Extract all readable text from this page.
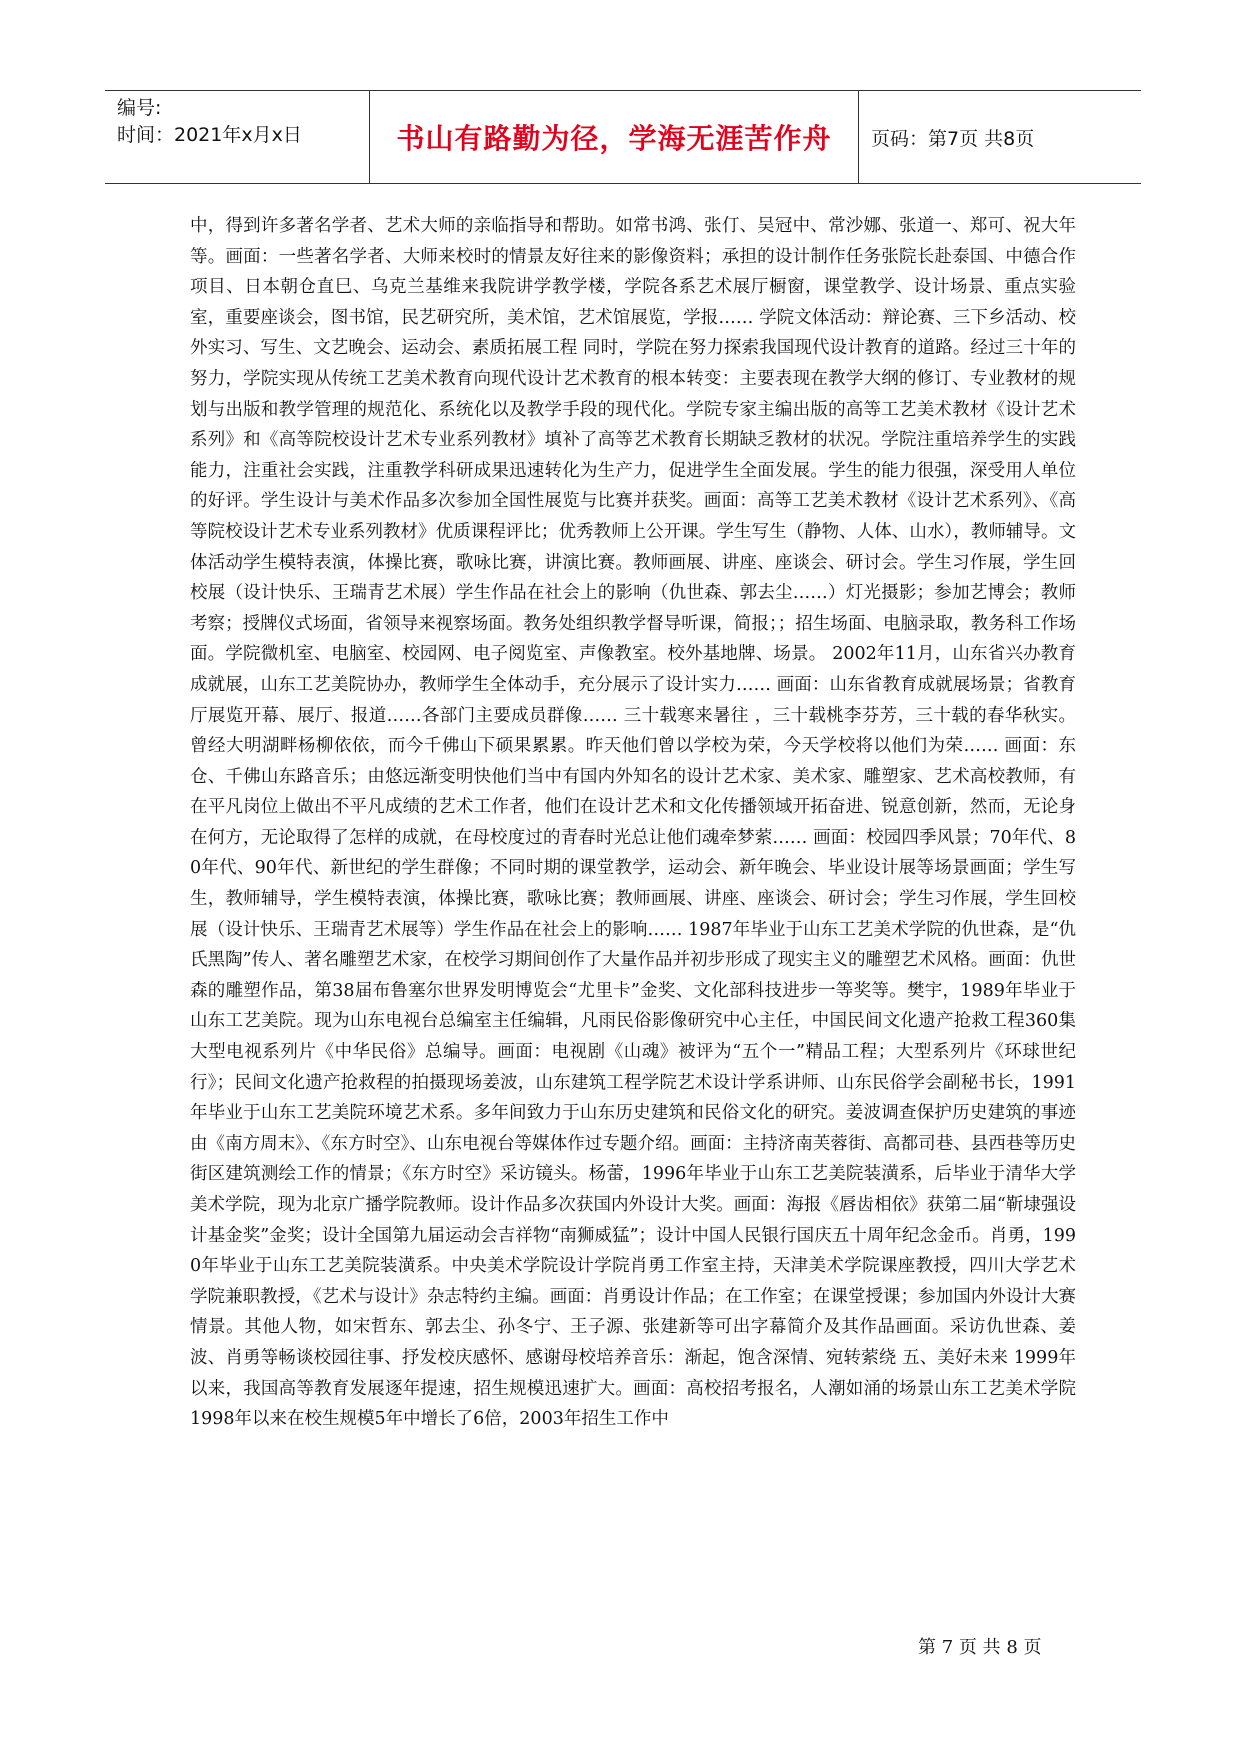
编号:
时间：2021年x月x日	书山有路勤为径，学海无涯苦作舟 页码：第7页 共8页

中，得到许多著名学者、艺术大师的亲临指导和帮助。如常书鸿、张仃、吴冠中、常沙娜、张道一、郑可、祝大年等。画面：一些著名学者、大师来校时的情景友好往来的影像资料；承担的设计制作任务张院长赴泰国、中德合作项目、日本朝仓直巳、乌克兰基维来我院讲学教学楼，学院各系艺术展厅橱窗，课堂教学、设计场景、重点实验室，重要座谈会，图书馆，民艺研究所，美术馆，艺术馆展览，学报…… 学院文体活动：辩论赛、三下乡活动、校外实习、写生、文艺晚会、运动会、素质拓展工程 同时，学院在努力探索我国现代设计教育的道路。经过三十年的努力，学院实现从传统工艺美术教育向现代设计艺术教育的根本转变：主要表现在教学大纲的修订、专业教材的规划与出版和教学管理的规范化、系统化以及教学手段的现代化。学院专家主编出版的高等工艺美术教材《设计艺术系列》和《高等院校设计艺术专业系列教材》填补了高等艺术教育长期缺乏教材的状况。学院注重培养学生的实践能力，注重社会实践，注重教学科研成果迅速转化为生产力，促进学生全面发展。学生的能力很强，深受用人单位的好评。学生设计与美术作品多次参加全国性展览与比赛并获奖。画面：高等工艺美术教材《设计艺术系列》、《高等院校设计艺术专业系列教材》优质课程评比；优秀教师上公开课。学生写生（静物、人体、山水），教师辅导。文体活动学生模特表演，体操比赛，歌咏比赛，讲演比赛。教师画展、讲座、座谈会、研讨会。学生习作展，学生回校展（设计快乐、王瑞青艺术展）学生作品在社会上的影响（仇世森、郭去尘……）灯光摄影；参加艺博会；教师考察；授牌仪式场面，省领导来视察场面。教务处组织教学督导听课，简报；；招生场面、电脑录取，教务科工作场面。学院微机室、电脑室、校园网、电子阅览室、声像教室。校外基地牌、场景。 2002年11月，山东省兴办教育成就展，山东工艺美院协办，教师学生全体动手，充分展示了设计实力…… 画面：山东省教育成就展场景；省教育厅展览开幕、展厅、报道……各部门主要成员群像…… 三十载寒来暑往 ，三十载桃李芬芳，三十载的春华秋实。曾经大明湖畔杨柳依依，而今千佛山下硕果累累。昨天他们曾以学校为荣，今天学校将以他们为荣…… 画面：东仓、千佛山东路音乐；由悠远渐变明快他们当中有国内外知名的设计艺术家、美术家、雕塑家、艺术高校教师，有在平凡岗位上做出不平凡成绩的艺术工作者，他们在设计艺术和文化传播领域开拓奋进、锐意创新，然而，无论身在何方，无论取得了怎样的成就，在母校度过的青春时光总让他们魂牵梦萦…… 画面：校园四季风景；70年代、80年代、90年代、新世纪的学生群像；不同时期的课堂教学，运动会、新年晚会、毕业设计展等场景画面；学生写生，教师辅导，学生模特表演，体操比赛，歌咏比赛；教师画展、讲座、座谈会、研讨会；学生习作展，学生回校展（设计快乐、王瑞青艺术展等）学生作品在社会上的影响…… 1987年毕业于山东工艺美术学院的仇世森，是“仇氏黑陶”传人、著名雕塑艺术家，在校学习期间创作了大量作品并初步形成了现实主义的雕塑艺术风格。画面：仇世森的雕塑作品，第38届布鲁塞尔世界发明博览会“尤里卡”金奖、文化部科技进步一等奖等。樊宇，1989年毕业于山东工艺美院。现为山东电视台总编室主任编辑，凡雨民俗影像研究中心主任，中国民间文化遗产抢救工程360集大型电视系列片《中华民俗》总编导。画面：电视剧《山魂》被评为“五个一”精品工程；大型系列片《环球世纪行》；民间文化遗产抢救程的拍摄现场姜波，山东建筑工程学院艺术设计学系讲师、山东民俗学会副秘书长，1991年毕业于山东工艺美院环境艺术系。多年间致力于山东历史建筑和民俗文化的研究。姜波调查保护历史建筑的事迹由《南方周末》、《东方时空》、山东电视台等媒体作过专题介绍。画面：主持济南芙蓉街、高都司巷、县西巷等历史街区建筑测绘工作的情景；《东方时空》采访镜头。杨蕾，1996年毕业于山东工艺美院装潢系，后毕业于清华大学美术学院，现为北京广播学院教师。设计作品多次获国内外设计大奖。画面：海报《唇齿相依》获第二届“靳埭强设计基金奖”金奖；设计全国第九届运动会吉祥物“南狮威猛”；设计中国人民银行国庆五十周年纪念金币。肖勇，1990年毕业于山东工艺美院装潢系。中央美术学院设计学院肖勇工作室主持，天津美术学院课座教授，四川大学艺术学院兼职教授，《艺术与设计》杂志特约主编。画面：肖勇设计作品；在工作室；在课堂授课；参加国内外设计大赛情景。其他人物，如宋哲东、郭去尘、孙冬宁、王子源、张建新等可出字幕简介及其作品画面。采访仇世森、姜波、肖勇等畅谈校园往事、抒发校庆感怀、感谢母校培养音乐：渐起，饱含深情、宛转萦绕 五、美好未来 1999年以来，我国高等教育发展逐年提速，招生规模迅速扩大。画面：高校招考报名，人潮如涌的场景山东工艺美术学院1998年以来在校生规模5年中增长了6倍，2003年招生工作中

第 7 页 共 8 页
